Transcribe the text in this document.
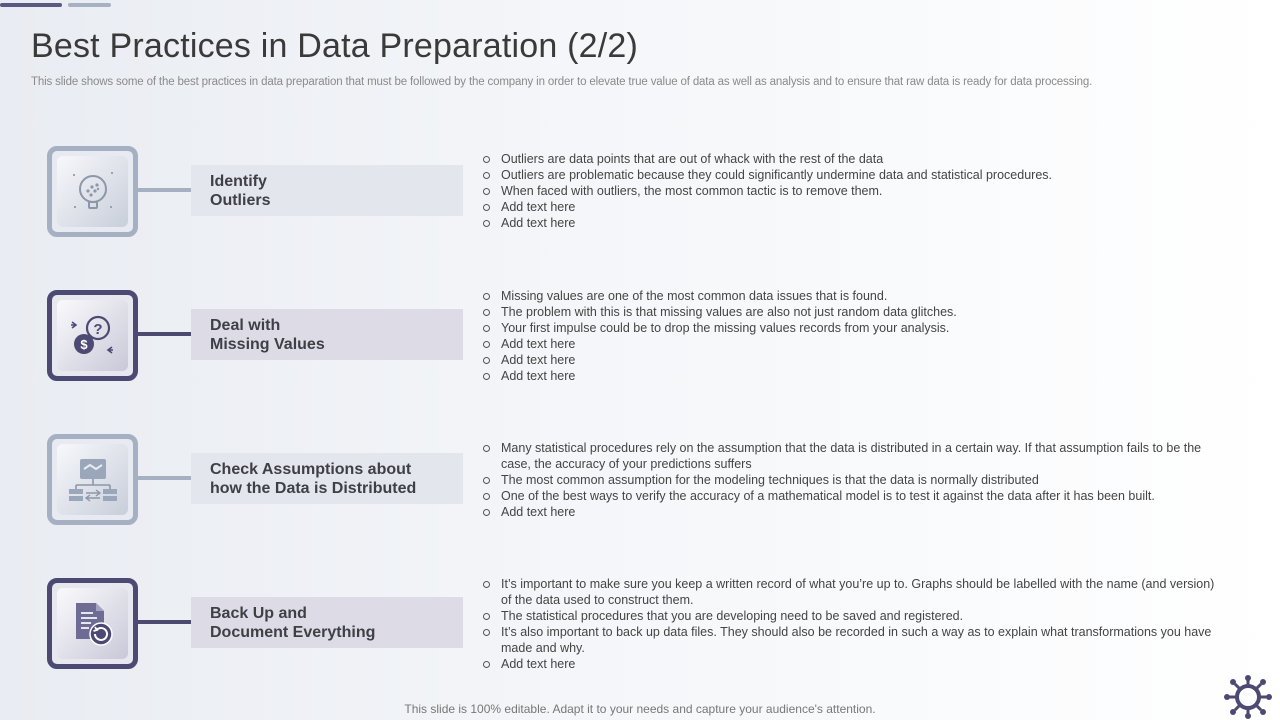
Best Practices in Data Preparation (2/2)

This slide shows some of the best practices in data preparation that must be followed by the company in order to elevate true value of data as well as analysis and to ensure that raw data is ready for data processing.

Identify
Outliers
Outliers are data points that are out of whack with the rest of the data
Outliers are problematic because they could significantly undermine data and statistical procedures.
When faced with outliers, the most common tactic is to remove them.
Add text here
Add text here
?
$
Deal with
Missing Values
Missing values are one of the most common data issues that is found.
The problem with this is that missing values are also not just random data glitches.
Your first impulse could be to drop the missing values records from your analysis.
Add text here
Add text here
Add text here
Check Assumptions about
how the Data is Distributed
Many statistical procedures rely on the assumption that the data is distributed in a certain way. If that assumption fails to be the case, the accuracy of your predictions suffers
The most common assumption for the modeling techniques is that the data is normally distributed
One of the best ways to verify the accuracy of a mathematical model is to test it against the data after it has been built.
Add text here
Back Up and
Document Everything
It’s important to make sure you keep a written record of what you’re up to. Graphs should be labelled with the name (and version) of the data used to construct them.
The statistical procedures that you are developing need to be saved and registered.
It’s also important to back up data files. They should also be recorded in such a way as to explain what transformations you have made and why.
Add text here
This slide is 100% editable. Adapt it to your needs and capture your audience's attention.
